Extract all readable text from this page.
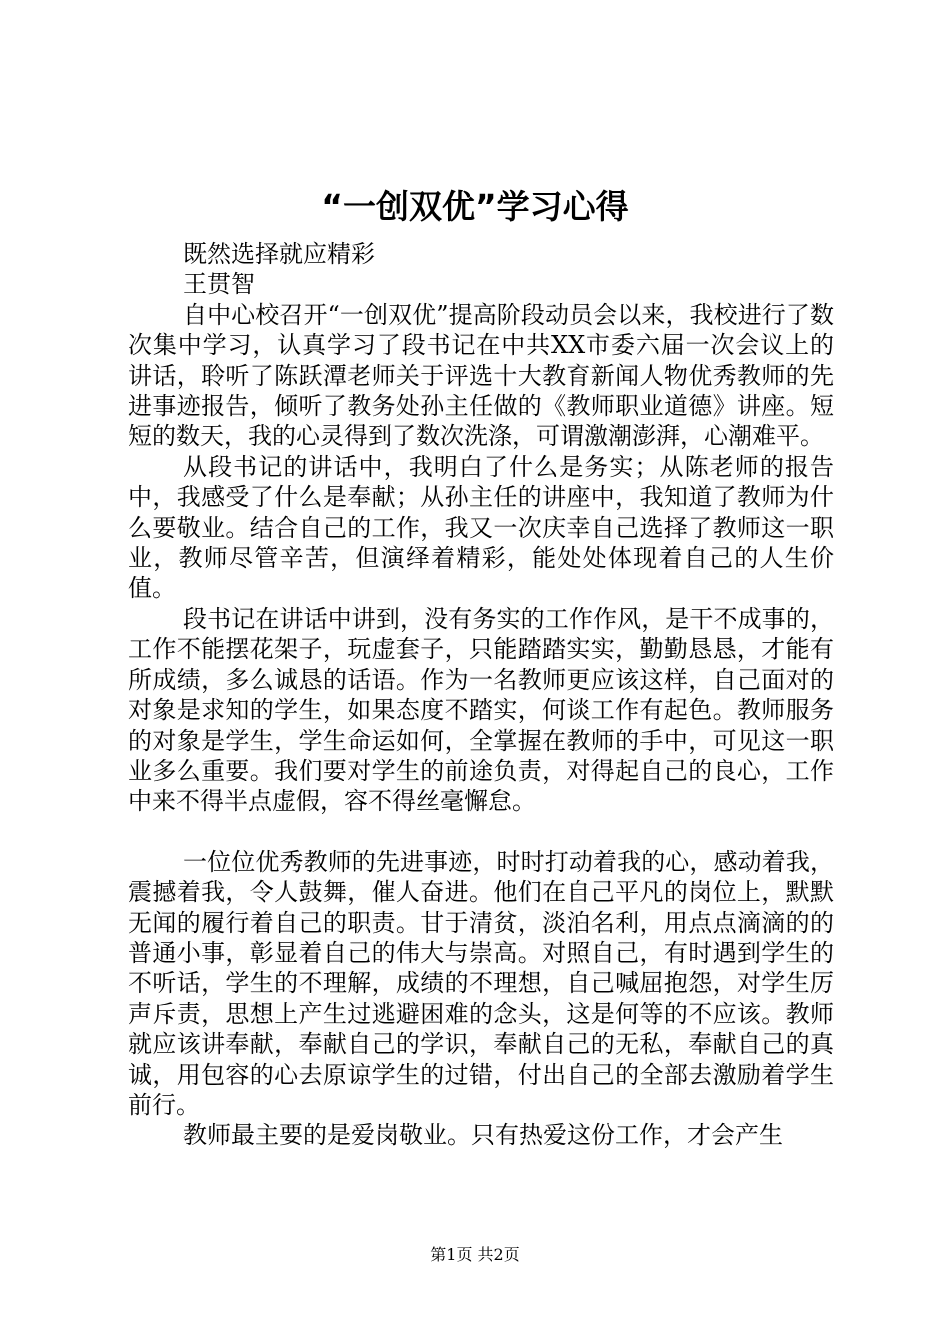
“一创双优”学习心得

既然选择就应精彩

王贯智

自中心校召开“一创双优”提高阶段动员会以来，我校进行了数次集中学习，认真学习了段书记在中共XX市委六届一次会议上的讲话，聆听了陈跃潭老师关于评选十大教育新闻人物优秀教师的先进事迹报告，倾听了教务处孙主任做的《教师职业道德》讲座。短短的数天，我的心灵得到了数次洗涤，可谓激潮澎湃，心潮难平。

从段书记的讲话中，我明白了什么是务实；从陈老师的报告中，我感受了什么是奉献；从孙主任的讲座中，我知道了教师为什么要敬业。结合自己的工作，我又一次庆幸自己选择了教师这一职业，教师尽管辛苦，但演绎着精彩，能处处体现着自己的人生价值。

段书记在讲话中讲到，没有务实的工作作风，是干不成事的，工作不能摆花架子，玩虚套子，只能踏踏实实，勤勤恳恳，才能有所成绩，多么诚恳的话语。作为一名教师更应该这样，自己面对的对象是求知的学生，如果态度不踏实，何谈工作有起色。教师服务的对象是学生，学生命运如何，全掌握在教师的手中，可见这一职业多么重要。我们要对学生的前途负责，对得起自己的良心，工作中来不得半点虚假，容不得丝毫懈怠。

一位位优秀教师的先进事迹，时时打动着我的心，感动着我，震撼着我，令人鼓舞，催人奋进。他们在自己平凡的岗位上，默默无闻的履行着自己的职责。甘于清贫，淡泊名利，用点点滴滴的的普通小事，彰显着自己的伟大与崇高。对照自己，有时遇到学生的不听话，学生的不理解，成绩的不理想，自己喊屈抱怨，对学生厉声斥责，思想上产生过逃避困难的念头，这是何等的不应该。教师就应该讲奉献，奉献自己的学识，奉献自己的无私，奉献自己的真诚，用包容的心去原谅学生的过错，付出自己的全部去激励着学生前行。

教师最主要的是爱岗敬业。只有热爱这份工作，才会产生

第1页 共2页
